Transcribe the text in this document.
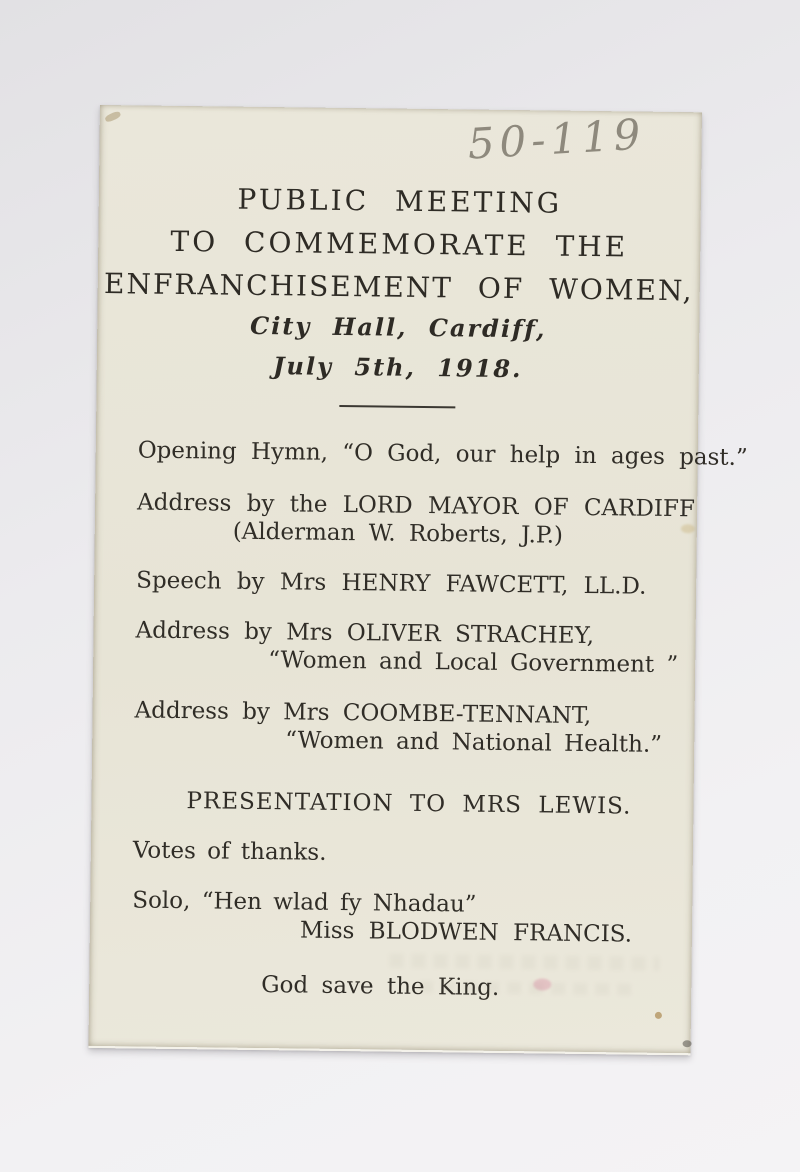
50-119
PUBLIC MEETING
TO COMMEMORATE THE
ENFRANCHISEMENT OF WOMEN,
City Hall, Cardiff,
July 5th, 1918.

Opening Hymn, “O God, our help in ages past.”

Address by the LORD MAYOR OF CARDIFF

(Alderman W. Roberts, J.P.)

Speech by Mrs HENRY FAWCETT, LL.D.

Address by Mrs OLIVER STRACHEY,

“Women and Local Government ”

Address by Mrs COOMBE-TENNANT,

“Women and National Health.”

PRESENTATION TO MRS LEWIS.

Votes of thanks.

Solo, “Hen wlad fy Nhadau”

Miss BLODWEN FRANCIS.

God save the King.
